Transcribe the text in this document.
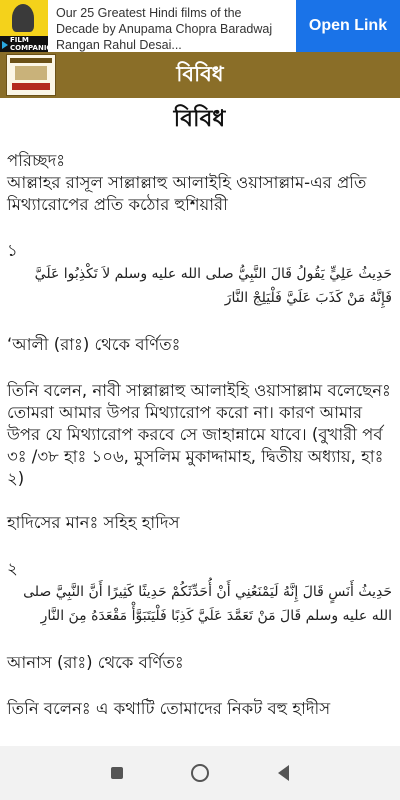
FILM COMPANION
Our 25 Greatest Hindi films of the Decade by Anupama Chopra Baradwaj Rangan Rahul Desai...
Open Link
বিবিধ
বিবিধ
পরিচ্ছদঃ
আল্লাহর রাসূল সাল্লাল্লাহু আলাইহি ওয়াসাল্লাম-এর প্রতি মিথ্যারোপের প্রতি কঠোর হুশিয়ারী
১
حَدِيثُ عَلِيٍّ يَقُولُ قَالَ النَّبِيُّ صلى الله عليه وسلم لاَ تَكْذِبُوا عَلَيَّ فَإِنَّهُ مَنْ كَذَبَ عَلَيَّ فَلْيَلِجْ النَّارَ
‘আলী (রাঃ) থেকে বর্ণিতঃ
তিনি বলেন, নাবী সাল্লাল্লাহু আলাইহি ওয়াসাল্লাম বলেছেনঃ তোমরা আমার উপর মিথ্যারোপ করো না। কারণ আমার উপর যে মিথ্যারোপ করবে সে জাহান্নামে যাবে। (বুখারী পর্ব ৩ঃ /৩৮ হাঃ ১০৬, মুসলিম মুকাদ্দামাহ, দ্বিতীয় অধ্যায়, হাঃ ২)
হাদিসের মানঃ সহিহ হাদিস
২
حَدِيثُ أَنَسٍ قَالَ إِنَّهُ لَيَمْنَعُنِي أَنْ أُحَدِّثَكُمْ حَدِيثًا كَثِيرًا أَنَّ النَّبِيَّ صلى الله عليه وسلم قَالَ مَنْ تَعَمَّدَ عَلَيَّ كَذِبًا فَلْيَتَبَوَّأْ مَقْعَدَهُ مِنَ النَّارِ
আনাস (রাঃ) থেকে বর্ণিতঃ
তিনি বলেনঃ এ কথাটি তোমাদের নিকট বহু হাদীস
